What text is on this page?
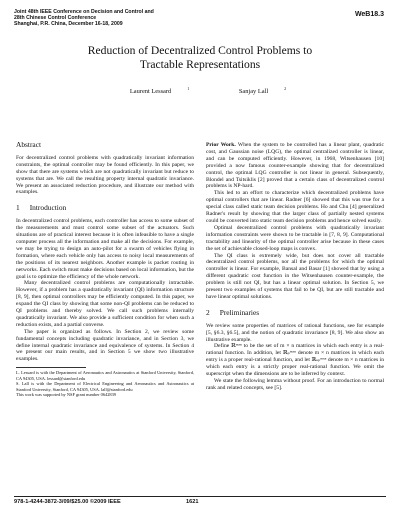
Joint 48th IEEE Conference on Decision and Control and
28th Chinese Control Conference
Shanghai, P.R. China, December 16-18, 2009
WeB18.3
Reduction of Decentralized Control Problems to
Tractable Representations
Laurent Lessard	$^1$	Sanjay Lall	$^2$
Abstract

For decentralized control problems with quadratically invariant information constraints, the optimal controller may be found efficiently. In this paper, we show that there are systems which are not quadratically invariant but reduce to systems that are. We call the resulting property internal quadratic invariance. We present an associated reduction procedure, and illustrate our method with examples.

1 Introduction

In decentralized control problems, each controller has access to some subset of the measurements and must control some subset of the actuators. Such situations are of practical interest because it is often infeasible to have a single computer process all the information and make all the decisions. For example, we may be trying to design an auto-pilot for a swarm of vehicles flying in formation, where each vehicle only has access to noisy local measurements of the positions of its nearest neighbors. Another example is packet routing in networks. Each switch must make decisions based on local information, but the goal is to optimize the efficiency of the whole network.

Many decentralized control problems are computationally intractable. However, if a problem has a quadratically invariant (QI) information structure [8, 9], then optimal controllers may be efficiently computed. In this paper, we expand the QI class by showing that some non-QI problems can be reduced to QI problems and thereby solved. We call such problems internally quadratically invariant. We also provide a sufficient condition for when such a reduction exists, and a partial converse.

The paper is organized as follows. In Section 2, we review some fundamental concepts including quadratic invariance, and in Section 3, we define internal quadratic invariance and equivalence of systems. In Section 4 we present our main results, and in Section 5 we show two illustrative examples.

L. Lessard is with the Department of Aeronautics and Astronautics at Stanford University, Stanford, CA 94305, USA. lessard@stanford.edu

S. Lall is with the Department of Electrical Engineering and Aeronautics and Astronautics at Stanford University, Stanford, CA 94305, USA. lall@stanford.edu

This work was supported by NSF grant number 0642839

Prior Work. When the system to be controlled has a linear plant, quadratic cost, and Gaussian noise (LQG), the optimal centralized controller is linear, and can be computed efficiently. However, in 1968, Witsenhausen [10] provided a now famous counter-example showing that for decentralized control, the optimal LQG controller is not linear in general. Subsequently, Blondel and Tsitsiklis [2] proved that a certain class of decentralized control problems is NP-hard.

This led to an effort to characterize which decentralized problems have optimal controllers that are linear. Radner [6] showed that this was true for a special class called static team decision problems. Ho and Chu [4] generalized Radner's result by showing that the larger class of partially nested systems could be converted into static team decision problems and hence solved easily.

Optimal decentralized control problems with quadratically invariant information constraints were shown to be tractable in [7, 8, 9]. Computational tractability and linearity of the optimal controller arise because in these cases the set of achievable closed-loop maps is convex.

The QI class is extremely wide, but does not cover all tractable decentralized control problems, nor all the problems for which the optimal controller is linear. For example, Bansal and Basar [1] showed that by using a different quadratic cost function in the Witsenhausen counter-example, the problem is still not QI, but has a linear optimal solution. In Section 5, we present two examples of systems that fail to be QI, but are still tractable and have linear optimal solutions.

2 Preliminaries

We review some properties of matrices of rational functions, see for example [5, §6.3, §6.5], and the notion of quadratic invariance [8, 9]. We also show an illustrative example.

Define ℝᵐˣⁿ to be the set of m × n matrices in which each entry is a real-rational function. In addition, let ℝₚᵐˣⁿ denote m × n matrices in which each entry is a proper real-rational function, and let ℝₛₚᵐˣⁿ denote m × n matrices in which each entry is a strictly proper real-rational function. We omit the superscript when the dimensions are to be inferred by context.

We state the following lemma without proof. For an introduction to normal rank and related concepts, see [5].

978-1-4244-3872-3/09/$25.00 ©2009 IEEE	1621
